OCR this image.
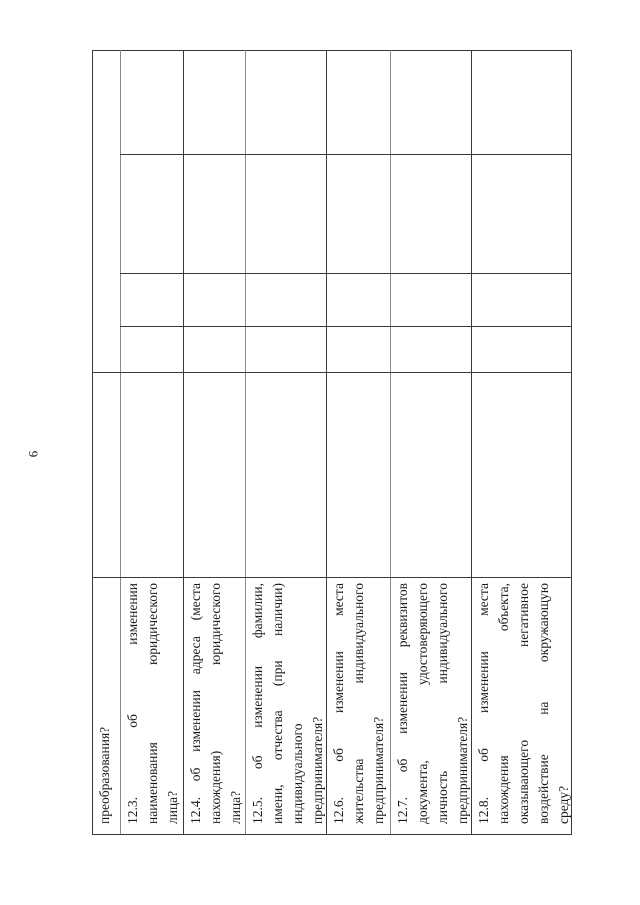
9
преобразования? 12.3. об изменении наименования юридического лица? 12.4. об изменении адреса (места нахождения) юридического лица? 12.5. об изменении фамилии, имени, отчества (при наличии) индивидуального предпринимателя? 12.6. об изменении места жительства индивидуального предпринимателя? 12.7. об изменении реквизитов документа, удостоверяющего личность индивидуального предпринимателя? 12.8. об изменении места нахождения объекта, оказывающего негативное воздействие на окружающую среду?
